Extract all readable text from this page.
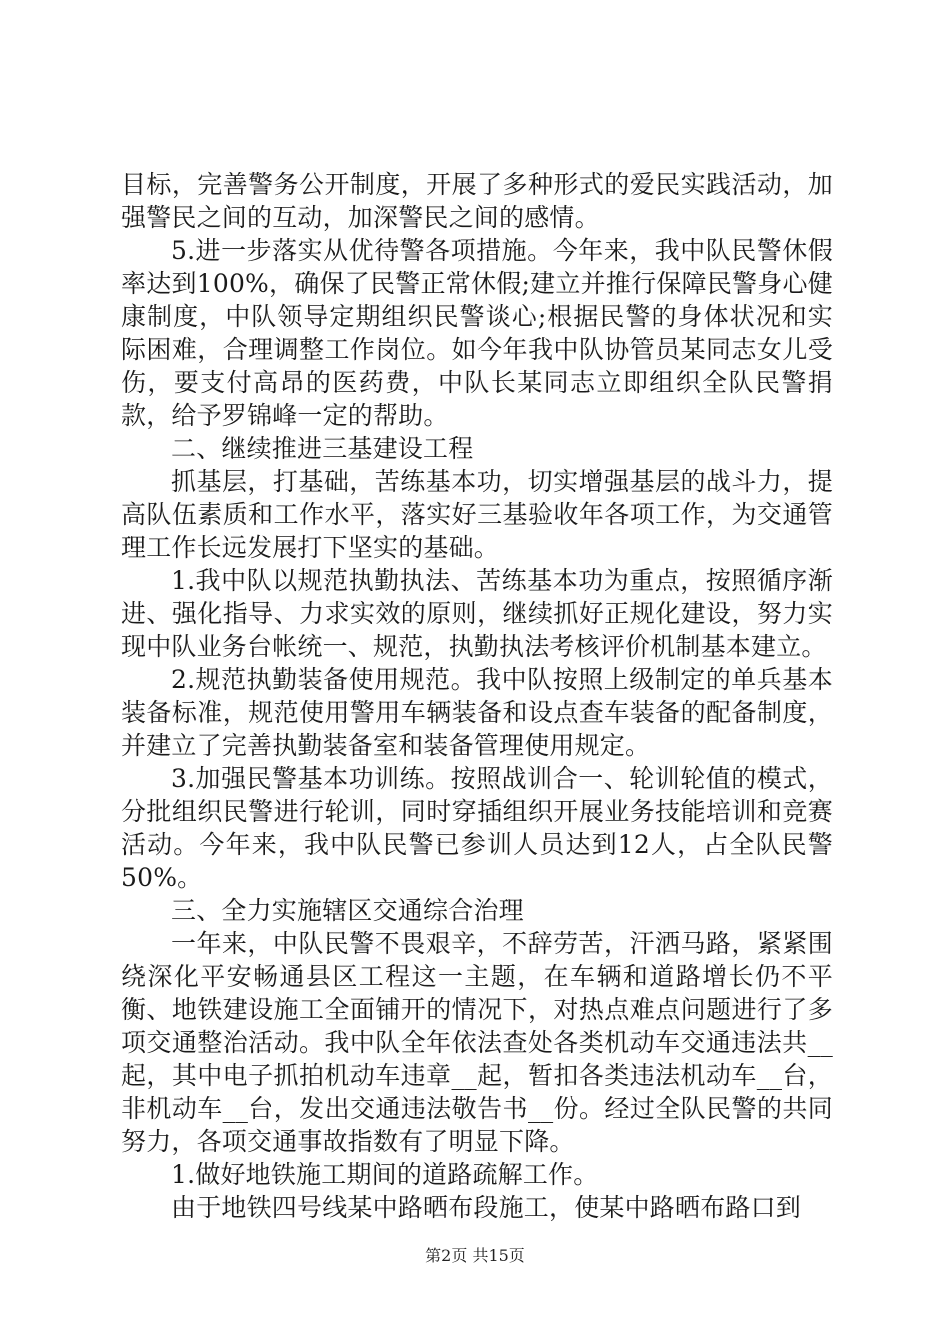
目标，完善警务公开制度，开展了多种形式的爱民实践活动，加强警民之间的互动，加深警民之间的感情。

5.进一步落实从优待警各项措施。今年来，我中队民警休假率达到100%，确保了民警正常休假;建立并推行保障民警身心健康制度，中队领导定期组织民警谈心;根据民警的身体状况和实际困难，合理调整工作岗位。如今年我中队协管员某同志女儿受伤，要支付高昂的医药费，中队长某同志立即组织全队民警捐款，给予罗锦峰一定的帮助。

二、继续推进三基建设工程

抓基层，打基础，苦练基本功，切实增强基层的战斗力，提高队伍素质和工作水平，落实好三基验收年各项工作，为交通管理工作长远发展打下坚实的基础。

1.我中队以规范执勤执法、苦练基本功为重点，按照循序渐进、强化指导、力求实效的原则，继续抓好正规化建设，努力实现中队业务台帐统一、规范，执勤执法考核评价机制基本建立。

2.规范执勤装备使用规范。我中队按照上级制定的单兵基本装备标准，规范使用警用车辆装备和设点查车装备的配备制度，并建立了完善执勤装备室和装备管理使用规定。

3.加强民警基本功训练。按照战训合一、轮训轮值的模式，分批组织民警进行轮训，同时穿插组织开展业务技能培训和竞赛活动。今年来，我中队民警已参训人员达到12人，占全队民警50%。

三、全力实施辖区交通综合治理

一年来，中队民警不畏艰辛，不辞劳苦，汗洒马路，紧紧围绕深化平安畅通县区工程这一主题，在车辆和道路增长仍不平衡、地铁建设施工全面铺开的情况下，对热点难点问题进行了多项交通整治活动。我中队全年依法查处各类机动车交通违法共__起，其中电子抓拍机动车违章__起，暂扣各类违法机动车__台，非机动车__台，发出交通违法敬告书__份。经过全队民警的共同努力，各项交通事故指数有了明显下降。

1.做好地铁施工期间的道路疏解工作。

由于地铁四号线某中路晒布段施工，使某中路晒布路口到

第2页 共15页
